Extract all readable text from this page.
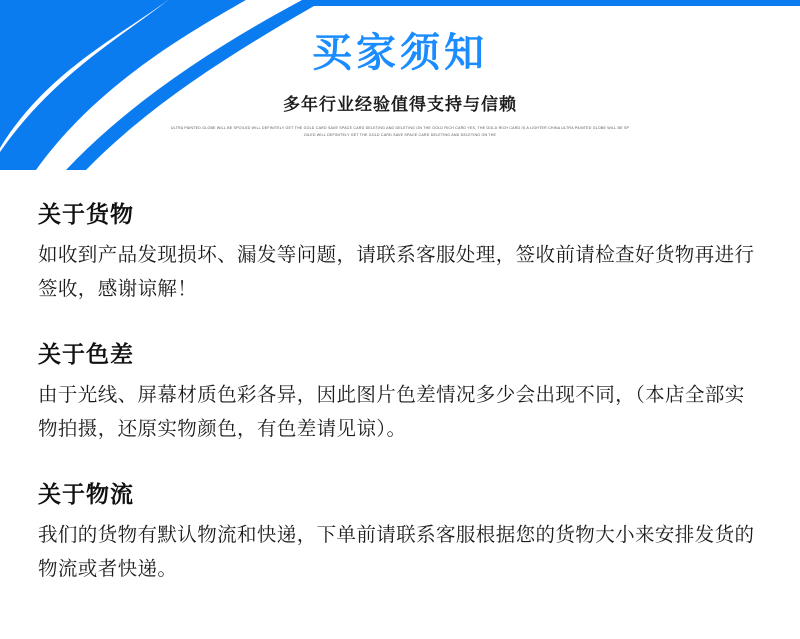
买家须知
多年行业经验值得支持与信赖
ULTRA PAINTED GLOBE WILL BE SPOILED WILL DEFINITELY GET THE GOLD CARD SAVE SPACE CARD DELETING AND DELETING ON THE GOLD RICH CARD YES, THE GOLD RICH CARD IS A LIGHTER CHINA ULTRA PAINTED GLOBE WILL BE SPOILED WILL DEFINITELY GET THE GOLD CARD SAVE SPACE CARD DELETING AND DELETING ON THE
关于货物

如收到产品发现损坏、漏发等问题，请联系客服处理，签收前请检查好货物再进行签收，感谢谅解！

关于色差

由于光线、屏幕材质色彩各异，因此图片色差情况多少会出现不同，（本店全部实物拍摄，还原实物颜色，有色差请见谅）。

关于物流

我们的货物有默认物流和快递，下单前请联系客服根据您的货物大小来安排发货的物流或者快递。
